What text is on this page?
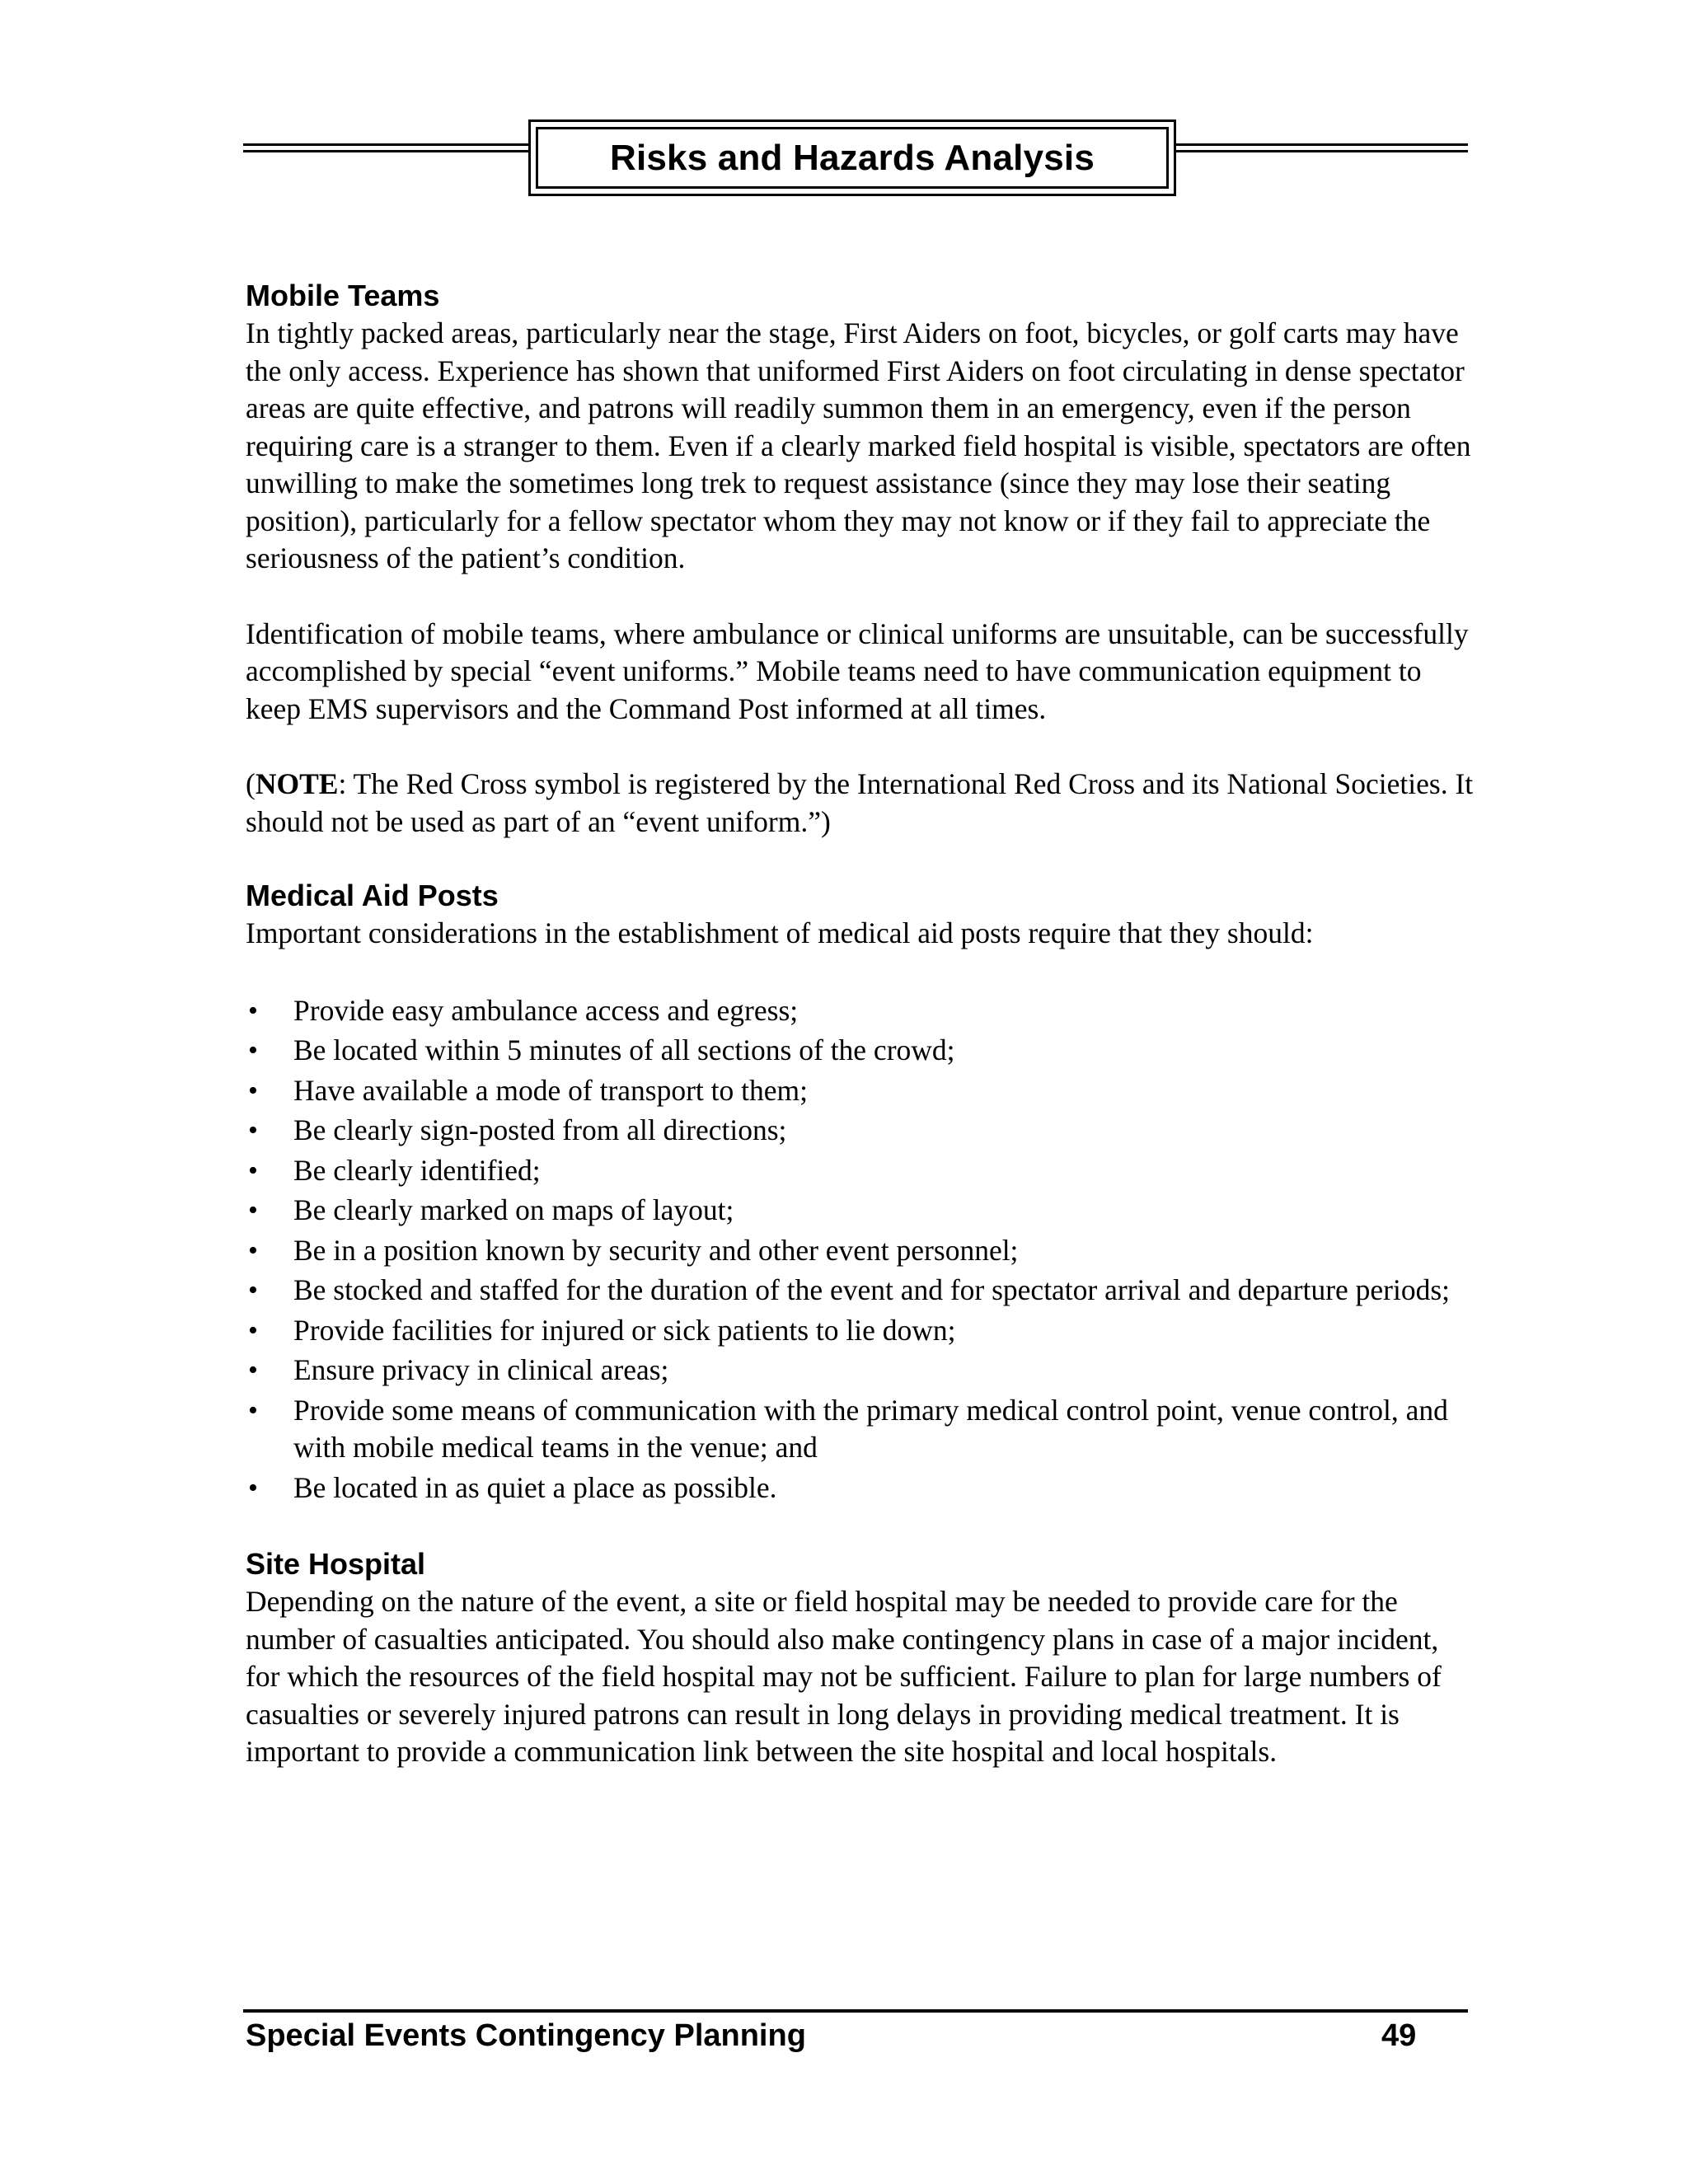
Risks and Hazards Analysis
Mobile Teams

In tightly packed areas, particularly near the stage, First Aiders on foot, bicycles, or golf carts may have the only access. Experience has shown that uniformed First Aiders on foot circulating in dense spectator areas are quite effective, and patrons will readily summon them in an emergency, even if the person requiring care is a stranger to them. Even if a clearly marked field hospital is visible, spectators are often unwilling to make the sometimes long trek to request assistance (since they may lose their seating position), particularly for a fellow spectator whom they may not know or if they fail to appreciate the seriousness of the patient’s condition.

Identification of mobile teams, where ambulance or clinical uniforms are unsuitable, can be successfully accomplished by special “event uniforms.” Mobile teams need to have communication equipment to keep EMS supervisors and the Command Post informed at all times.

(NOTE: The Red Cross symbol is registered by the International Red Cross and its National Societies. It should not be used as part of an “event uniform.”)

Medical Aid Posts

Important considerations in the establishment of medical aid posts require that they should:

• Provide easy ambulance access and egress;
• Be located within 5 minutes of all sections of the crowd;
• Have available a mode of transport to them;
• Be clearly sign-posted from all directions;
• Be clearly identified;
• Be clearly marked on maps of layout;
• Be in a position known by security and other event personnel;
• Be stocked and staffed for the duration of the event and for spectator arrival and departure periods;
• Provide facilities for injured or sick patients to lie down;
• Ensure privacy in clinical areas;
• Provide some means of communication with the primary medical control point, venue control, and with mobile medical teams in the venue; and
• Be located in as quiet a place as possible.
Site Hospital

Depending on the nature of the event, a site or field hospital may be needed to provide care for the number of casualties anticipated. You should also make contingency plans in case of a major incident, for which the resources of the field hospital may not be sufficient. Failure to plan for large numbers of casualties or severely injured patrons can result in long delays in providing medical treatment. It is important to provide a communication link between the site hospital and local hospitals.

Special Events Contingency Planning	49
